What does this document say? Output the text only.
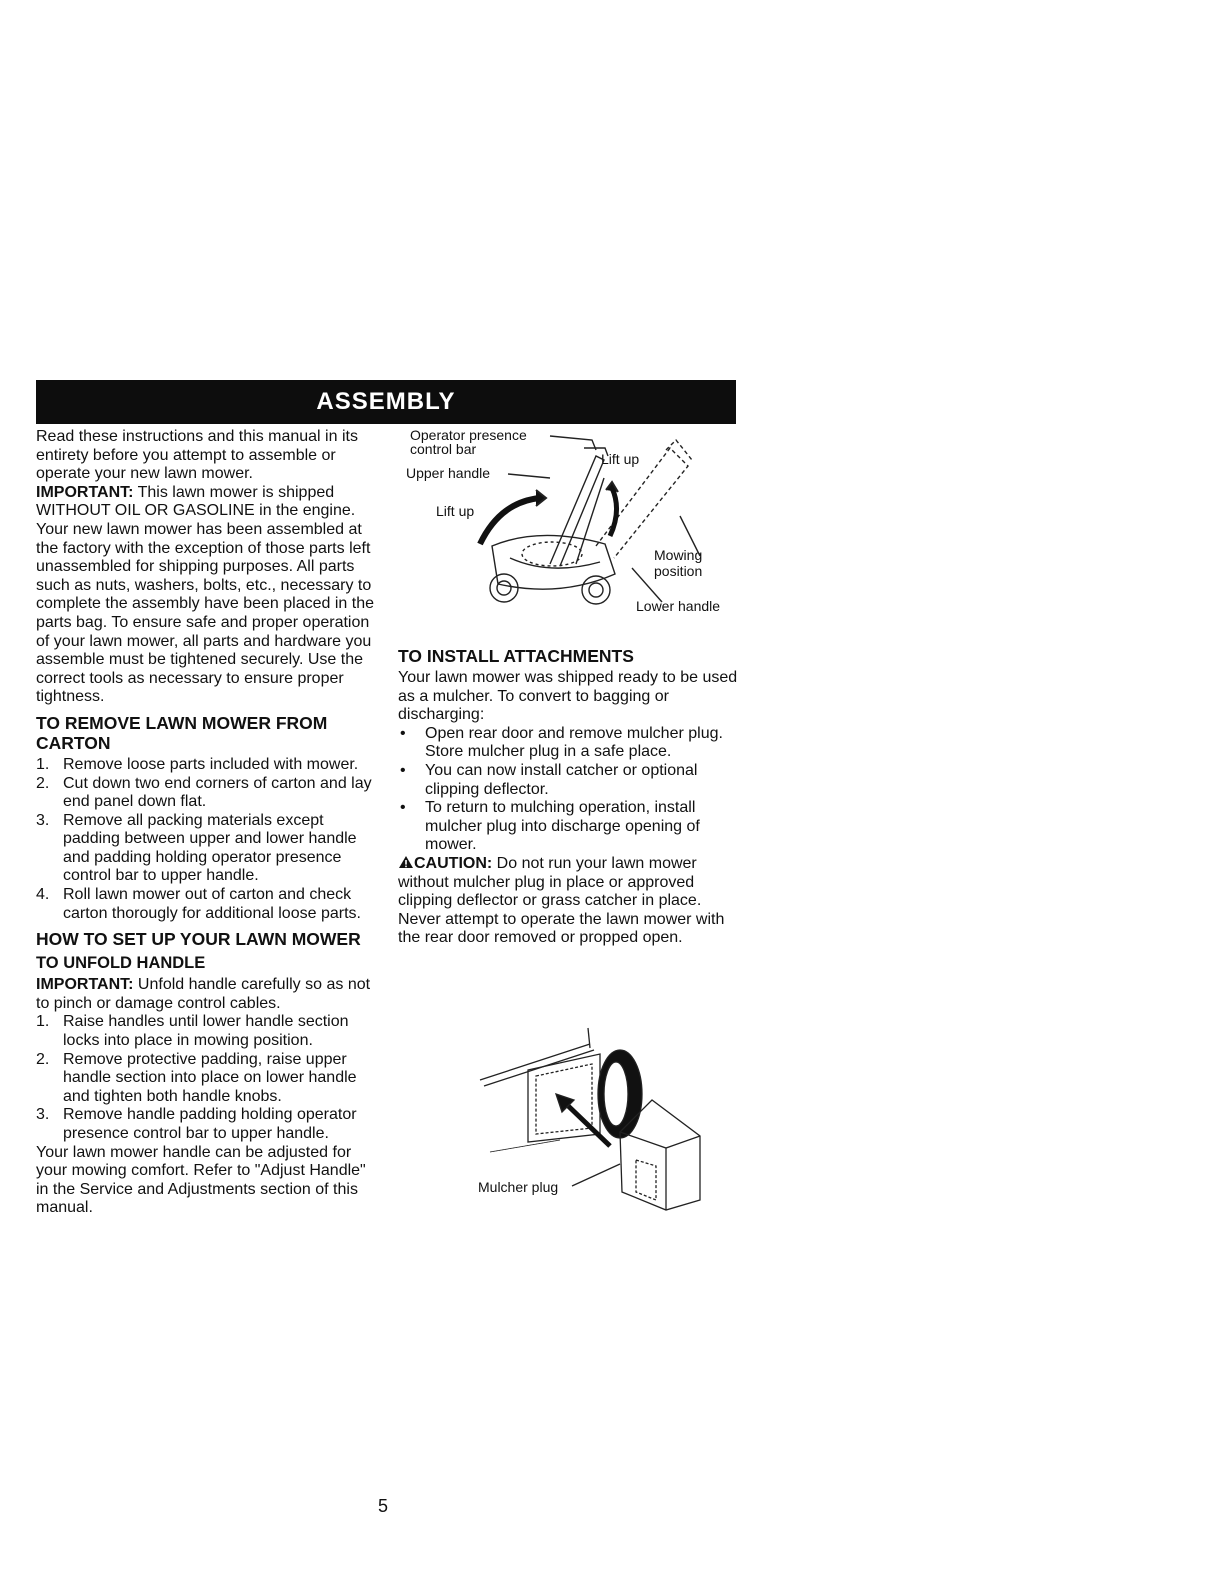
ASSEMBLY

Read these instructions and this manual in its entirety before you attempt to assemble or operate your new lawn mower.

IMPORTANT: This lawn mower is shipped WITHOUT OIL OR GASOLINE in the engine.

Your new lawn mower has been assembled at the factory with the exception of those parts left unassembled for shipping purposes. All parts such as nuts, washers, bolts, etc., necessary to complete the assembly have been placed in the parts bag. To ensure safe and proper operation of your lawn mower, all parts and hardware you assemble must be tightened securely. Use the correct tools as necessary to ensure proper tightness.

TO REMOVE LAWN MOWER FROM CARTON
1. Remove loose parts included with mower.
2. Cut down two end corners of carton and lay end panel down flat.
3. Remove all packing materials except padding between upper and lower handle and padding holding operator presence control bar to upper handle.
4. Roll lawn mower out of carton and check carton thorougly for additional loose parts.
HOW TO SET UP YOUR LAWN MOWER
TO UNFOLD HANDLE

IMPORTANT: Unfold handle carefully so as not to pinch or damage control cables.

1. Raise handles until lower handle section locks into place in mowing position.
2. Remove protective padding, raise upper handle section into place on lower handle and tighten both handle knobs.
3. Remove handle padding holding operator presence control bar to upper handle.

Your lawn mower handle can be adjusted for your mowing comfort. Refer to "Adjust Handle" in the Service and Adjustments section of this manual.

Operator presence
control bar
Upper handle
Lift up
Lift up
Mowing
position
Lower handle
TO INSTALL ATTACHMENTS

Your lawn mower was shipped ready to be used as a mulcher. To convert to bagging or discharging:

• Open rear door and remove mulcher plug. Store mulcher plug in a safe place.
• You can now install catcher or optional clipping deflector.
• To return to mulching operation, install mulcher plug into discharge opening of mower.

CAUTION: Do not run your lawn mower without mulcher plug in place or approved clipping deflector or grass catcher in place. Never attempt to operate the lawn mower with the rear door removed or propped open.

Mulcher plug
5
